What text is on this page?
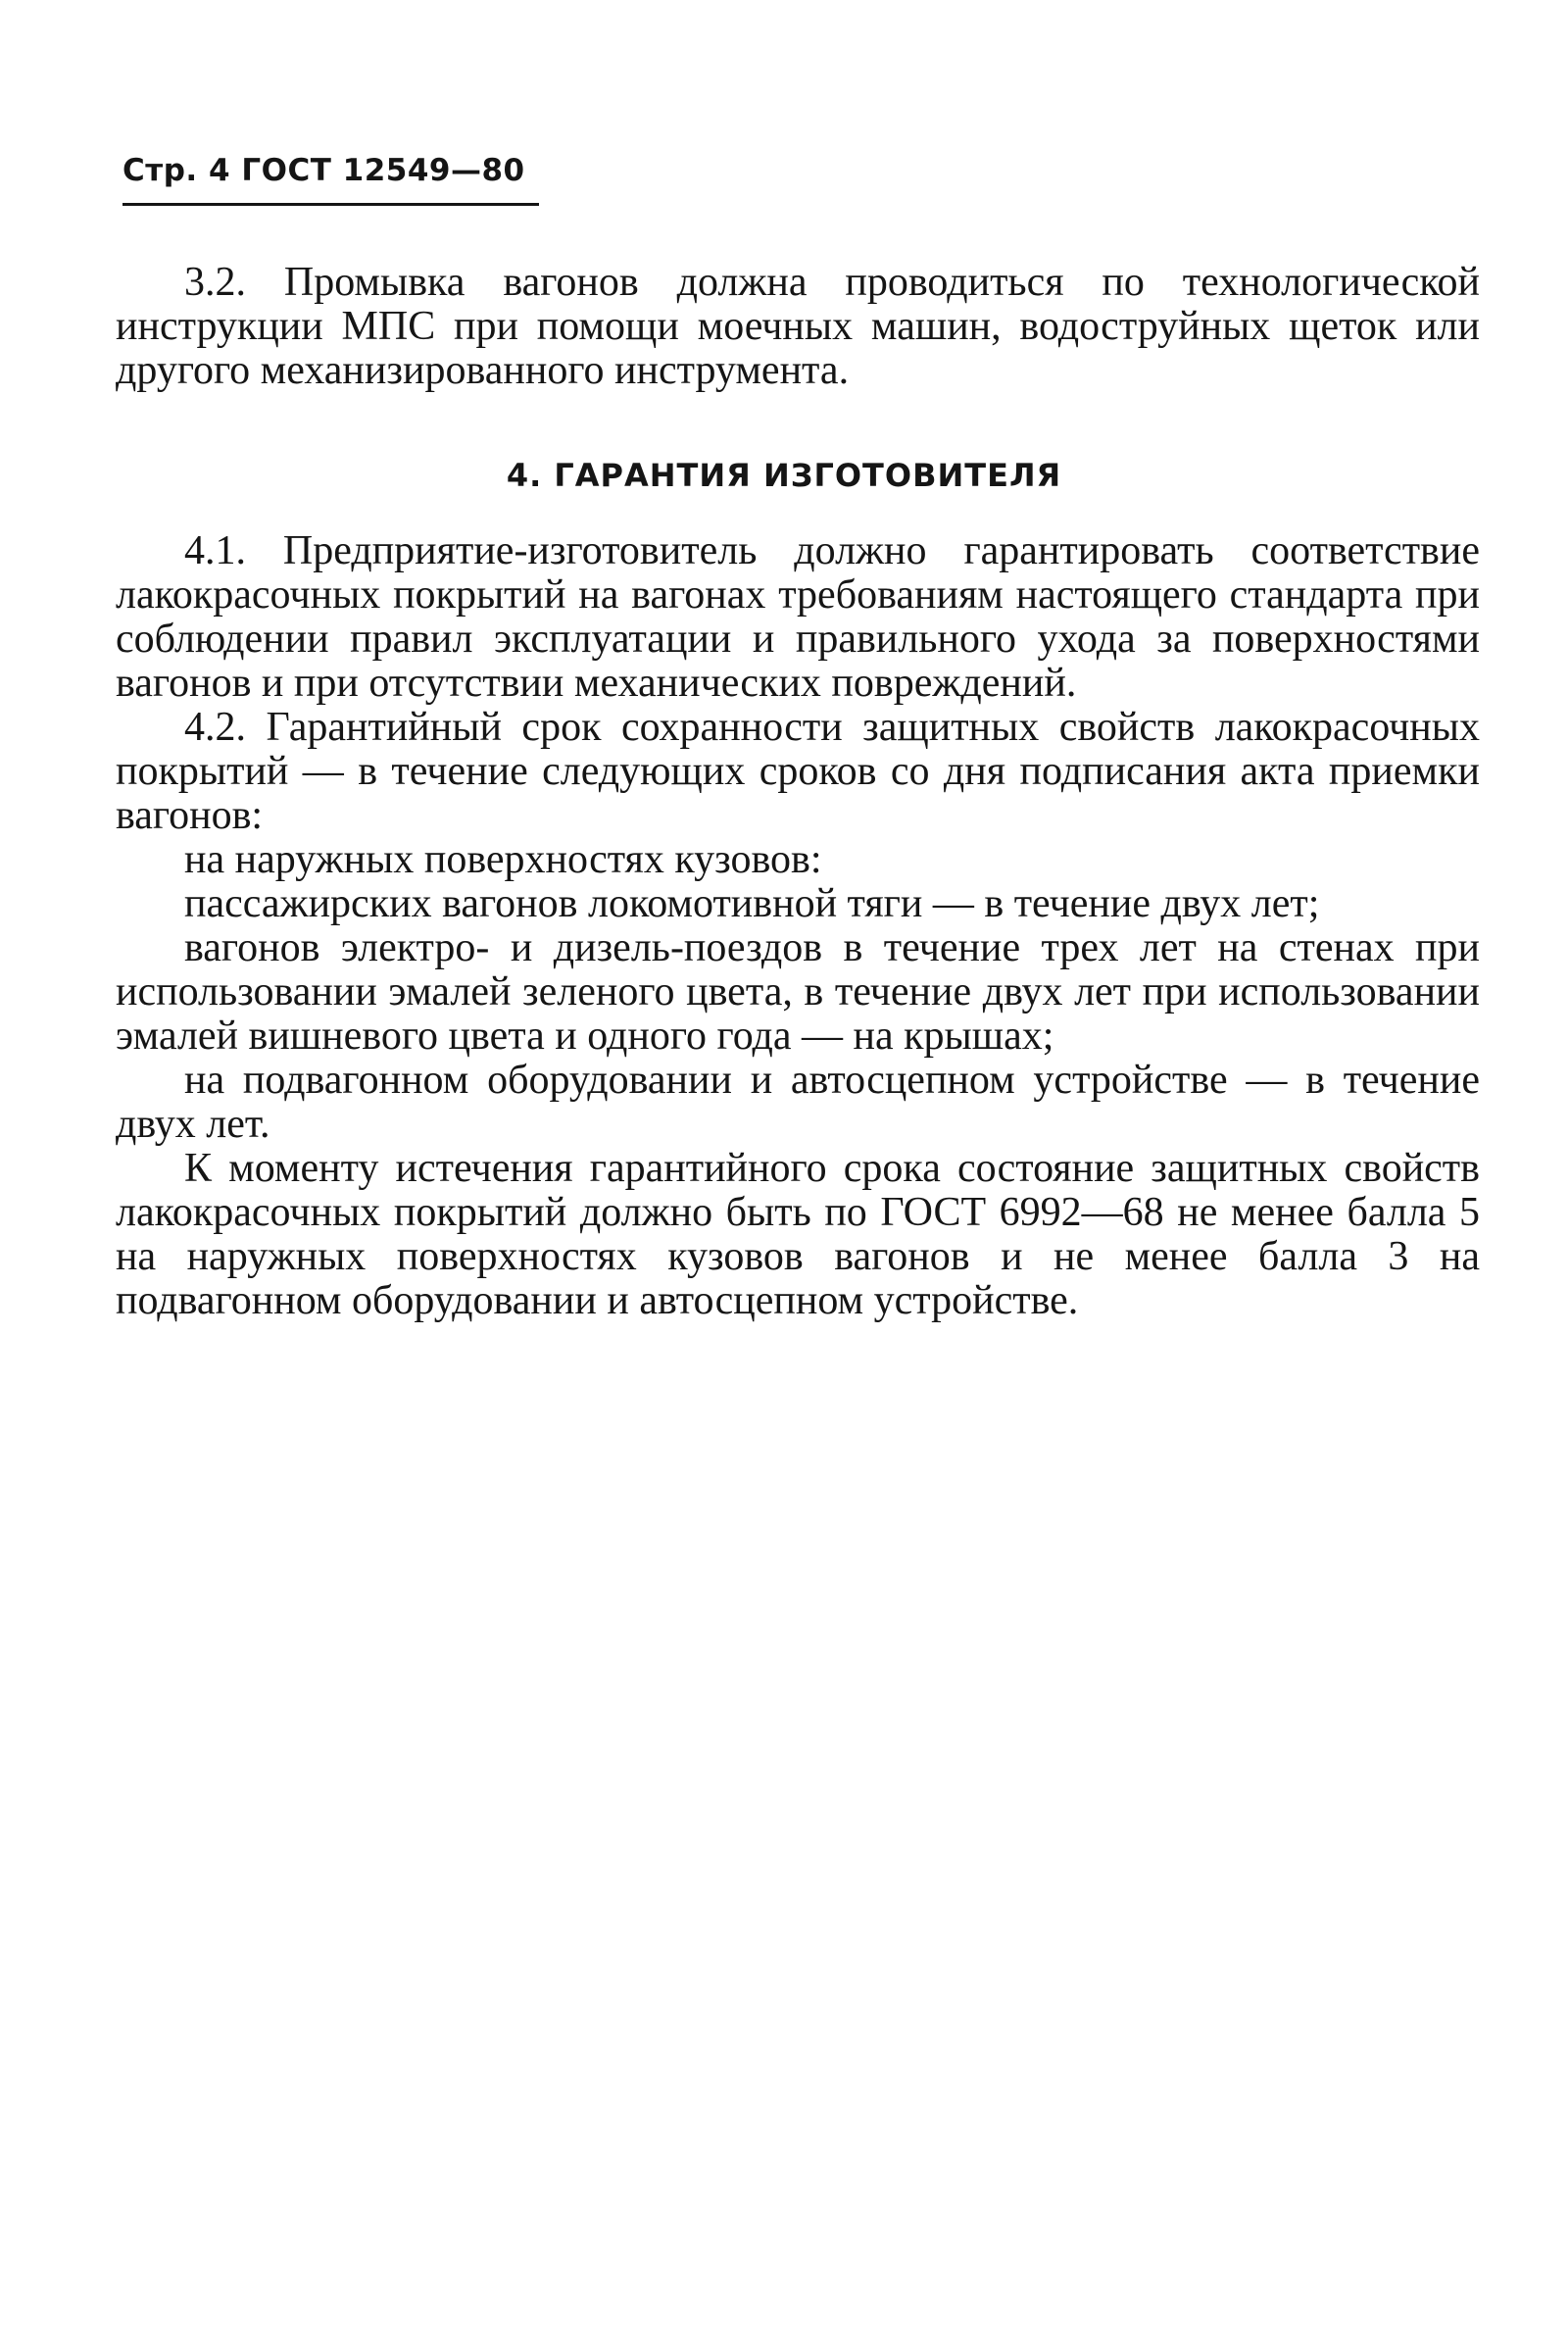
Стр. 4 ГОСТ 12549—80

3.2. Промывка вагонов должна проводиться по технологической инструкции МПС при помощи моечных машин, водоструйных щеток или другого механизированного инструмента.

4. ГАРАНТИЯ ИЗГОТОВИТЕЛЯ

4.1. Предприятие-изготовитель должно гарантировать соответствие лакокрасочных покрытий на вагонах требованиям настоящего стандарта при соблюдении правил эксплуатации и правильного ухода за поверхностями вагонов и при отсутствии механических повреждений.

4.2. Гарантийный срок сохранности защитных свойств лакокрасочных покрытий — в течение следующих сроков со дня подписания акта приемки вагонов:

на наружных поверхностях кузовов:

пассажирских вагонов локомотивной тяги — в течение двух лет;

вагонов электро- и дизель-поездов в течение трех лет на стенах при использовании эмалей зеленого цвета, в течение двух лет при использовании эмалей вишневого цвета и одного года — на крышах;

на подвагонном оборудовании и автосцепном устройстве — в течение двух лет.

К моменту истечения гарантийного срока состояние защитных свойств лакокрасочных покрытий должно быть по ГОСТ 6992—68 не менее балла 5 на наружных поверхностях кузовов вагонов и не менее балла 3 на подвагонном оборудовании и автосцепном устройстве.
